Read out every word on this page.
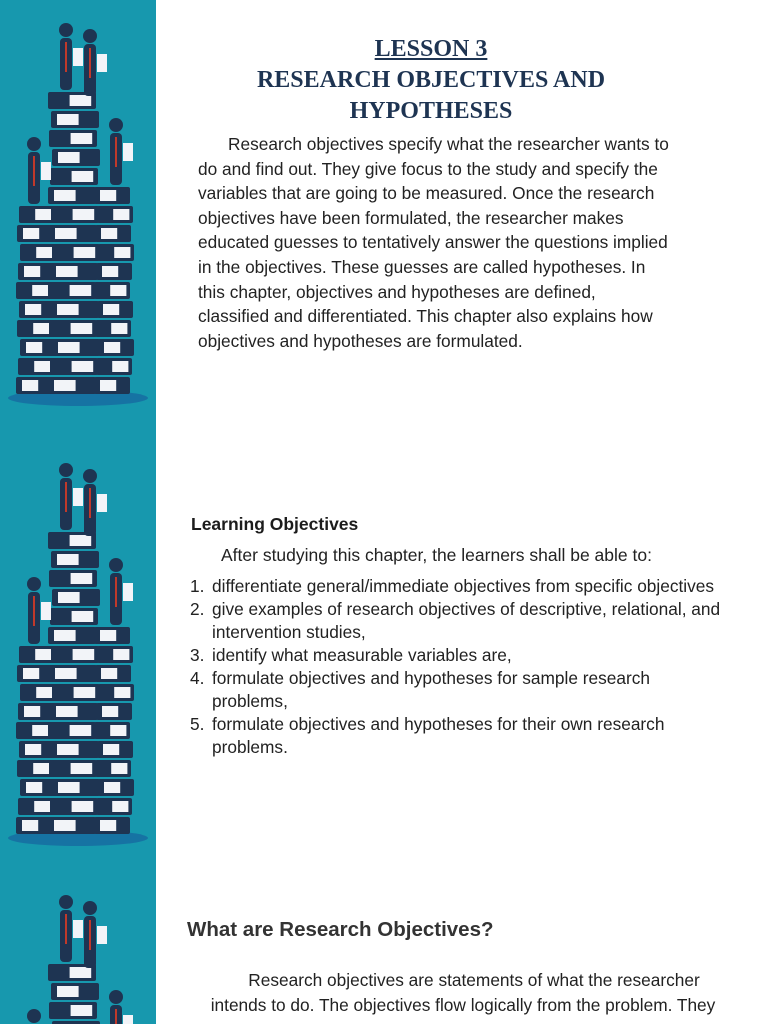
LESSON 3
RESEARCH OBJECTIVES AND
HYPOTHESES

Research objectives specify what the researcher wants to
do and find out. They give focus to the study and specify the
variables that are going to be measured. Once the research
objectives have been formulated, the researcher makes
educated guesses to tentatively answer the questions implied
in the objectives. These guesses are called hypotheses. In
this chapter, objectives and hypotheses are defined,
classified and differentiated. This chapter also explains how
objectives and hypotheses are formulated.

Learning Objectives

After studying this chapter, the learners shall be able to:

1. differentiate general/immediate objectives from specific objectives
2. give examples of research objectives of descriptive, relational, and intervention studies,
3. identify what measurable variables are,
4. formulate objectives and hypotheses for sample research problems,
5. formulate objectives and hypotheses for their own research problems.
What are Research Objectives?

Research objectives are statements of what the researcher
intends to do. The objectives flow logically from the problem. They
